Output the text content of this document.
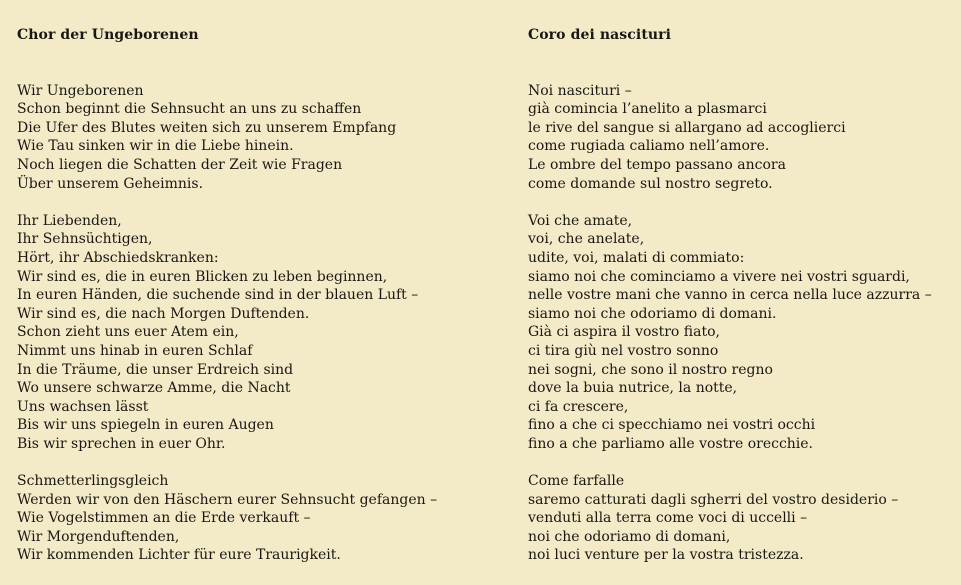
Chor der Ungeborenen
Wir Ungeborenen
Schon beginnt die Sehnsucht an uns zu schaffen
Die Ufer des Blutes weiten sich zu unserem Empfang
Wie Tau sinken wir in die Liebe hinein.
Noch liegen die Schatten der Zeit wie Fragen
Über unserem Geheimnis.
Ihr Liebenden,
Ihr Sehnsüchtigen,
Hört, ihr Abschiedskranken:
Wir sind es, die in euren Blicken zu leben beginnen,
In euren Händen, die suchende sind in der blauen Luft –
Wir sind es, die nach Morgen Duftenden.
Schon zieht uns euer Atem ein,
Nimmt uns hinab in euren Schlaf
In die Träume, die unser Erdreich sind
Wo unsere schwarze Amme, die Nacht
Uns wachsen lässt
Bis wir uns spiegeln in euren Augen
Bis wir sprechen in euer Ohr.
Schmetterlingsgleich
Werden wir von den Häschern eurer Sehnsucht gefangen –
Wie Vogelstimmen an die Erde verkauft –
Wir Morgenduftenden,
Wir kommenden Lichter für eure Traurigkeit.
Coro dei nascituri
Noi nascituri –
già comincia l’anelito a plasmarci
le rive del sangue si allargano ad accoglierci
come rugiada caliamo nell’amore.
Le ombre del tempo passano ancora
come domande sul nostro segreto.
Voi che amate,
voi, che anelate,
udite, voi, malati di commiato:
siamo noi che cominciamo a vivere nei vostri sguardi,
nelle vostre mani che vanno in cerca nella luce azzurra –
siamo noi che odoriamo di domani.
Già ci aspira il vostro fiato,
ci tira giù nel vostro sonno
nei sogni, che sono il nostro regno
dove la buia nutrice, la notte,
ci fa crescere,
fino a che ci specchiamo nei vostri occhi
fino a che parliamo alle vostre orecchie.
Come farfalle
saremo catturati dagli sgherri del vostro desiderio –
venduti alla terra come voci di uccelli –
noi che odoriamo di domani,
noi luci venture per la vostra tristezza.
